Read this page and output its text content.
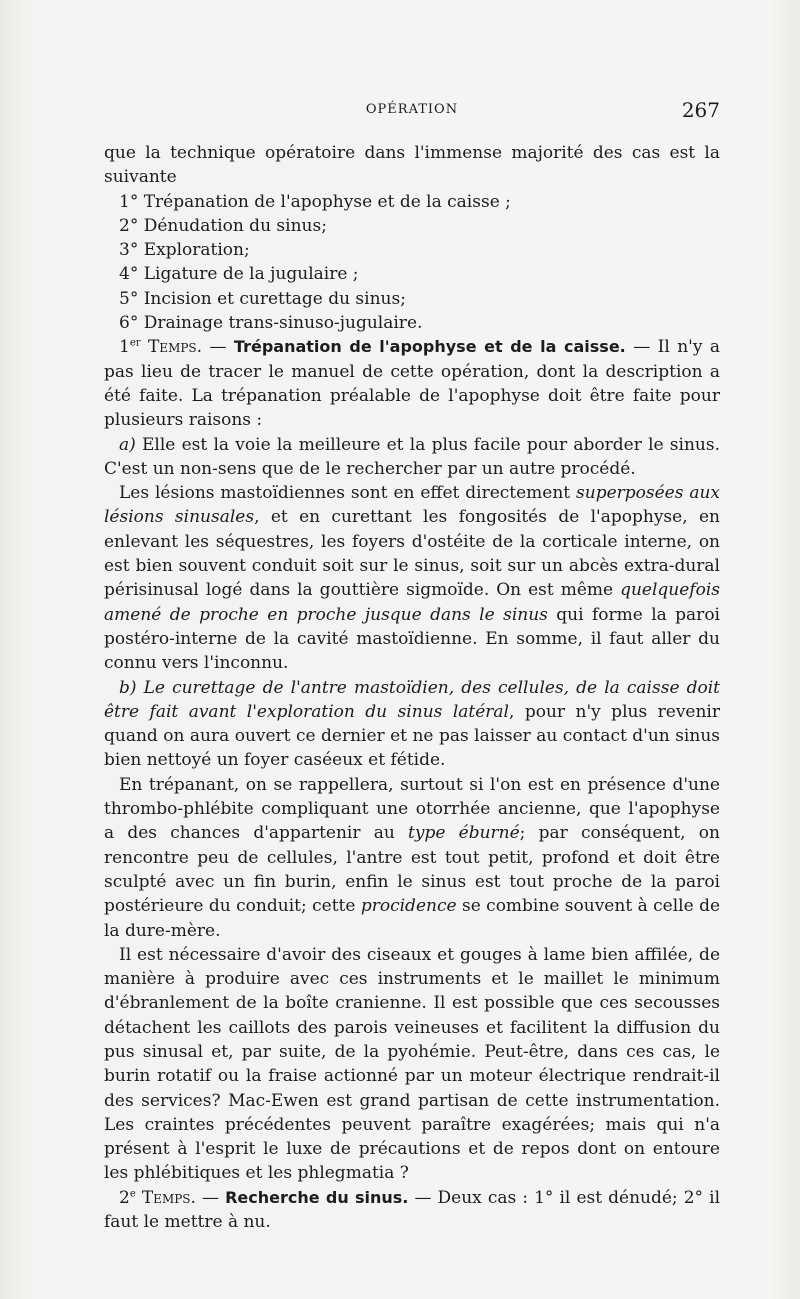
OPÉRATION	267

que la technique opératoire dans l'immense majorité des cas est la suivante

1° Trépanation de l'apophyse et de la caisse ;

2° Dénudation du sinus;

3° Exploration;

4° Ligature de la jugulaire ;

5° Incision et curettage du sinus;

6° Drainage trans-sinuso-jugulaire.

1er Temps. — Trépanation de l'apophyse et de la caisse. — Il n'y a pas lieu de tracer le manuel de cette opération, dont la description a été faite. La trépanation préalable de l'apophyse doit être faite pour plusieurs raisons :

a) Elle est la voie la meilleure et la plus facile pour aborder le sinus. C'est un non-sens que de le rechercher par un autre procédé.

Les lésions mastoïdiennes sont en effet directement superposées aux lésions sinusales, et en curettant les fongosités de l'apophyse, en enlevant les séquestres, les foyers d'ostéite de la corticale interne, on est bien souvent conduit soit sur le sinus, soit sur un abcès extra-dural périsinusal logé dans la gouttière sigmoïde. On est même quelquefois amené de proche en proche jusque dans le sinus qui forme la paroi postéro-interne de la cavité mastoïdienne. En somme, il faut aller du connu vers l'inconnu.

b) Le curettage de l'antre mastoïdien, des cellules, de la caisse doit être fait avant l'exploration du sinus latéral, pour n'y plus revenir quand on aura ouvert ce dernier et ne pas laisser au contact d'un sinus bien nettoyé un foyer caséeux et fétide.

En trépanant, on se rappellera, surtout si l'on est en présence d'une thrombo-phlébite compliquant une otorrhée ancienne, que l'apophyse a des chances d'appartenir au type éburné; par conséquent, on rencontre peu de cellules, l'antre est tout petit, profond et doit être sculpté avec un fin burin, enfin le sinus est tout proche de la paroi postérieure du conduit; cette procidence se combine souvent à celle de la dure-mère.

Il est nécessaire d'avoir des ciseaux et gouges à lame bien affilée, de manière à produire avec ces instruments et le maillet le minimum d'ébranlement de la boîte cranienne. Il est possible que ces secousses détachent les caillots des parois veineuses et facilitent la diffusion du pus sinusal et, par suite, de la pyohémie. Peut-être, dans ces cas, le burin rotatif ou la fraise actionné par un moteur électrique rendrait-il des services? Mac-Ewen est grand partisan de cette instrumentation. Les craintes précédentes peuvent paraître exagérées; mais qui n'a présent à l'esprit le luxe de précautions et de repos dont on entoure les phlébitiques et les phlegmatia ?

2e Temps. — Recherche du sinus. — Deux cas : 1° il est dénudé; 2° il faut le mettre à nu.
